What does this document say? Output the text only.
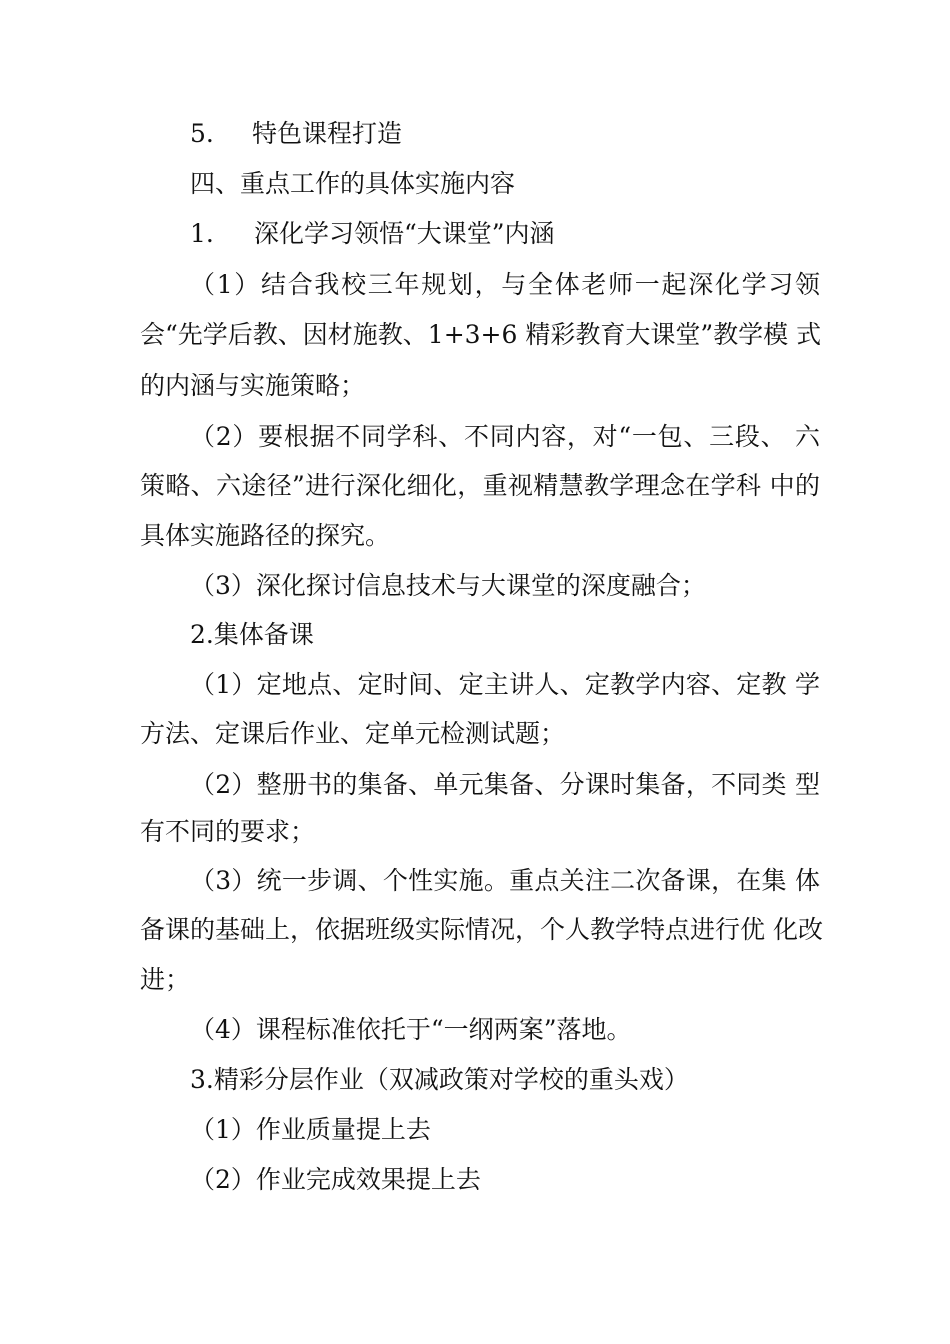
5. 特色课程打造
四、重点工作的具体实施内容
1. 深化学习领悟“大课堂”内涵
（1）结合我校三年规划，与全体老师一起深化学习领
会“先学后教、因材施教、1+3+6 精彩教育大课堂”教学模 式
的内涵与实施策略；
（2）要根据不同学科、不同内容，对“一包、三段、 六
策略、六途径”进行深化细化，重视精慧教学理念在学科 中的
具体实施路径的探究。
（3）深化探讨信息技术与大课堂的深度融合；
2.集体备课
（1）定地点、定时间、定主讲人、定教学内容、定教 学
方法、定课后作业、定单元检测试题；
（2）整册书的集备、单元集备、分课时集备，不同类 型
有不同的要求；
（3）统一步调、个性实施。重点关注二次备课，在集 体
备课的基础上，依据班级实际情况，个人教学特点进行优 化改
进；
（4）课程标准依托于“一纲两案”落地。
3.精彩分层作业（双减政策对学校的重头戏）
（1）作业质量提上去
（2）作业完成效果提上去
